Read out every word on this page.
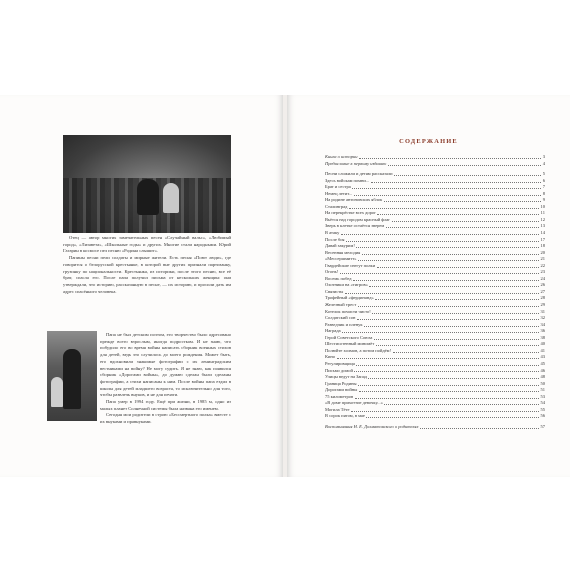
Отец — автор многих замечательных песен «Случайный вальс», «Любимый город», «Лизавета», «Школьные годы» и других. Многие стали народными. Юрий Гагарин в космосе пел песню «Родина слышит».

Папины песни пели солдаты и мирные жители. Есть песня «Поют люди», где говорится о белорусской крестьянке, в которой вне других признали партизанку, грузинку по национальности. Крестьянка, из историки, после этого песню, все её брат, спасла его. После папа получил письма от нескольких женщин: они утверждали, что историю, рассказанную в песне, — их историю, и просили дать им адрес спасённого человека.

Папа не был детским поэтом, его творчество было адресовано прежде всего взрослым, иногда подросткам. И не знаю, что побудило его во время войны написать сборник военных стихов для детей, ведь это случилось до моего рождения. Может быть, его вдохновили знакомые фотографии с их ленинградским вестниками на войну? Не могу судить. Я не знаю, как появился сборник «Дорогами войны», до думаю сделан были сделаны фотографии, а стихи написаны к ним. После войны папа ездил в школы для детей младшего возраста, то исключительно для того, чтобы развлечь внуков, и не для печати.

Папа умер в 1994 году. Ещё при жизни, в 1985 м, одно из малых планет Солнечной системы была названа его именем.

Сегодня мои родители в строю «Бессмертного полка» вместе с их внуками и правнуками.

СОДЕРЖАНИЕ
Книга о истории	3
Предисловие к первому изданию	4
Песни сложили и детям рассказали	5
Здесь войскам помни...	6
Брат и сестра	7
Немец летит...	8
На родине антоновских яблок	9
Сталинград	10
На перекрёстке всех дорог	11
Вьётся над городом красный флаг	12
Зверь в клетке остаётся зверем	13
В атаку	14
После боя	17
Давай закурим!	18
Весенняя мелодия	20
«Мессершмитт»	21
Гвардейские снегут полки	22
Огонь!	23
Восемь побед	24
Охотники на «тигров»	26
Связисты	27
Трофейный «фердинанд»	28
Железный трест	29
Котелок почисти чисто!	31
Солдатский сон	32
Разведчик и пленук	34
Награда	36
Герой Советского Союза	38
Шестисотенный миномёт	40
Полюйте холмов, а потом пойдём!	41
Кино	43
Регулировщица	45
Письмо домой	46
Улицы ведут на Запад	48
Граница Родины	50
Дорогами войны	51
75 километров	53
«В доме прихоттие девочку...»	54
Могила Тёте	55
В сорок пятом, в мае	56
Воспоминания Н. Е. Долматовского о родителях	57
